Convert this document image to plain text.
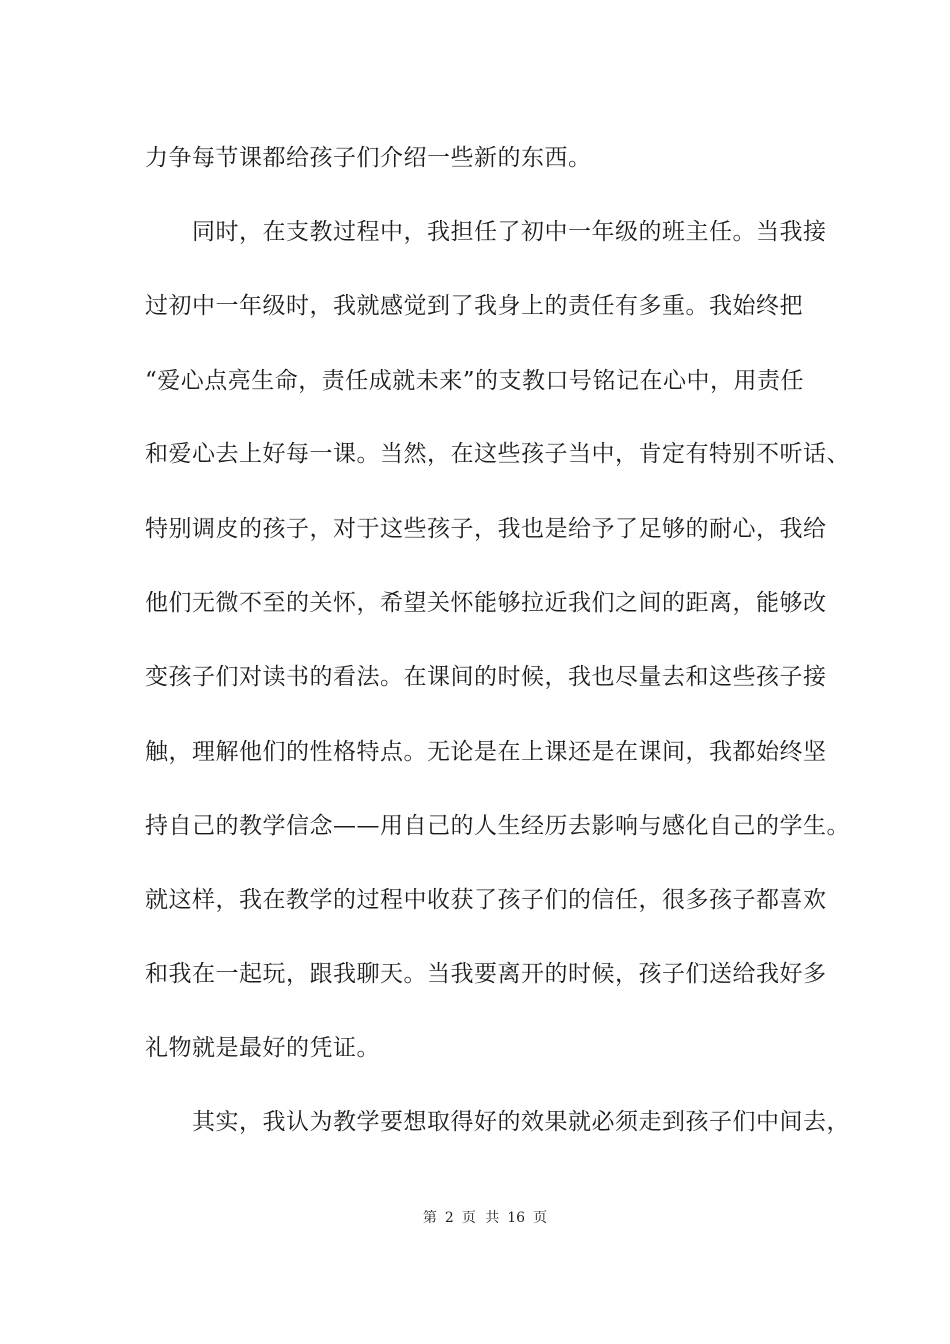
力争每节课都给孩子们介绍一些新的东西。
同时，在支教过程中，我担任了初中一年级的班主任。当我接
过初中一年级时，我就感觉到了我身上的责任有多重。我始终把
“爱心点亮生命，责任成就未来”的支教口号铭记在心中，用责任
和爱心去上好每一课。当然，在这些孩子当中，肯定有特别不听话、
特别调皮的孩子，对于这些孩子，我也是给予了足够的耐心，我给
他们无微不至的关怀，希望关怀能够拉近我们之间的距离，能够改
变孩子们对读书的看法。在课间的时候，我也尽量去和这些孩子接
触，理解他们的性格特点。无论是在上课还是在课间，我都始终坚
持自己的教学信念——用自己的人生经历去影响与感化自己的学生。
就这样，我在教学的过程中收获了孩子们的信任，很多孩子都喜欢
和我在一起玩，跟我聊天。当我要离开的时候，孩子们送给我好多
礼物就是最好的凭证。
其实，我认为教学要想取得好的效果就必须走到孩子们中间去，
第 2 页 共 16 页
